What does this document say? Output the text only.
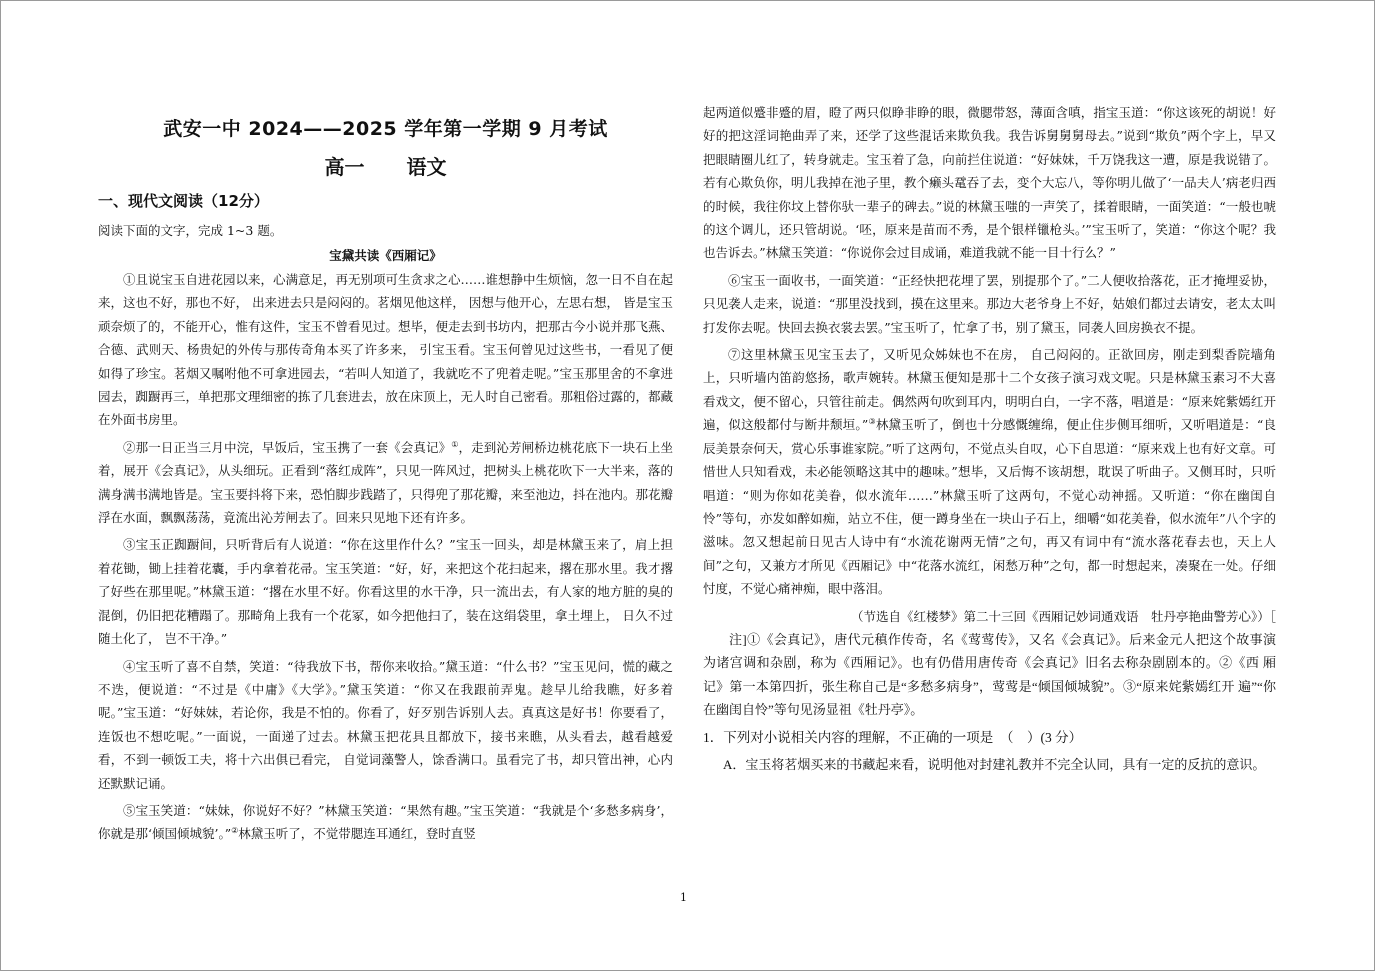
武安一中 2024——2025 学年第一学期 9 月考试
高一 语文
一、现代文阅读（12分）
阅读下面的文字，完成 1~3 题。
宝黛共读《西厢记》

①且说宝玉自进花园以来，心满意足，再无别项可生贪求之心……谁想静中生烦恼，忽一日不自在起来，这也不好，那也不好， 出来进去只是闷闷的。茗烟见他这样， 因想与他开心，左思右想， 皆是宝玉顽奈烦了的，不能开心，惟有这件，宝玉不曾看见过。想毕，便走去到书坊内，把那古今小说并那飞燕、合德、武则天、杨贵妃的外传与那传奇角本买了许多来， 引宝玉看。宝玉何曾见过这些书，一看见了便如得了珍宝。茗烟又嘱咐他不可拿进园去，“若叫人知道了，我就吃不了兜着走呢。”宝玉那里舍的不拿进园去，踟蹰再三，单把那文理细密的拣了几套进去，放在床顶上，无人时自己密看。那粗俗过露的，都藏在外面书房里。

②那一日正当三月中浣，早饭后，宝玉携了一套《会真记》①，走到沁芳闸桥边桃花底下一块石上坐着，展开《会真记》，从头细玩。正看到“落红成阵”，只见一阵风过，把树头上桃花吹下一大半来，落的满身满书满地皆是。宝玉要抖将下来，恐怕脚步践踏了，只得兜了那花瓣，来至池边，抖在池内。那花瓣浮在水面，飘飘荡荡，竟流出沁芳闸去了。回来只见地下还有许多。

③宝玉正踟蹰间，只听背后有人说道：“你在这里作什么？”宝玉一回头，却是林黛玉来了，肩上担着花锄，锄上挂着花囊，手内拿着花帚。宝玉笑道：“好，好，来把这个花扫起来，撂在那水里。我才撂了好些在那里呢。”林黛玉道：“撂在水里不好。你看这里的水干净，只一流出去，有人家的地方脏的臭的混倒，仍旧把花糟蹋了。那畸角上我有一个花冢，如今把他扫了，装在这绢袋里，拿土埋上， 日久不过随土化了， 岂不干净。”

④宝玉听了喜不自禁，笑道：“待我放下书，帮你来收拾。”黛玉道：“什么书？”宝玉见问，慌的藏之不迭，便说道：“不过是《中庸》《大学》。”黛玉笑道：“你又在我跟前弄鬼。趁早儿给我瞧，好多着呢。”宝玉道：“好妹妹，若论你，我是不怕的。你看了，好歹别告诉别人去。真真这是好书！你要看了，连饭也不想吃呢。”一面说，一面递了过去。林黛玉把花具且都放下，接书来瞧，从头看去，越看越爱看，不到一顿饭工夫，将十六出俱已看完， 自觉词藻警人，馀香满口。虽看完了书，却只管出神，心内还默默记诵。

⑤宝玉笑道：“妹妹，你说好不好？”林黛玉笑道：“果然有趣。”宝玉笑道：“我就是个‘多愁多病身’，你就是那‘倾国倾城貌’。”②林黛玉听了，不觉带腮连耳通红，登时直竖

起两道似蹙非蹙的眉，瞪了两只似睁非睁的眼，微腮带怒，薄面含嗔，指宝玉道：“你这该死的胡说！好好的把这淫词艳曲弄了来，还学了这些混话来欺负我。我告诉舅舅舅母去。”说到“欺负”两个字上，早又把眼睛圈儿红了，转身就走。宝玉着了急，向前拦住说道：“好妹妹，千万饶我这一遭，原是我说错了。若有心欺负你，明儿我掉在池子里，教个癞头鼋吞了去，变个大忘八，等你明儿做了‘一品夫人’病老归西的时候，我往你坟上替你驮一辈子的碑去。”说的林黛玉嗤的一声笑了，揉着眼睛，一面笑道：“一般也唬的这个调儿，还只管胡说。‘呸，原来是苗而不秀，是个银样镴枪头。’”宝玉听了，笑道：“你这个呢？我也告诉去。”林黛玉笑道：“你说你会过目成诵，难道我就不能一目十行么？”

⑥宝玉一面收书，一面笑道：“正经快把花埋了罢，别提那个了。”二人便收拾落花，正才掩埋妥协，只见袭人走来，说道：“那里没找到，摸在这里来。那边大老爷身上不好，姑娘们都过去请安，老太太叫打发你去呢。快回去换衣裳去罢。”宝玉听了，忙拿了书，别了黛玉，同袭人回房换衣不提。

⑦这里林黛玉见宝玉去了，又听见众姊妹也不在房， 自己闷闷的。正欲回房，刚走到梨香院墙角上，只听墙内笛韵悠扬，歌声婉转。林黛玉便知是那十二个女孩子演习戏文呢。只是林黛玉素习不大喜看戏文，便不留心，只管往前走。偶然两句吹到耳内，明明白白，一字不落，唱道是：“原来姹紫嫣红开遍，似这般都付与断井颓垣。”③林黛玉听了，倒也十分感慨缠绵，便止住步侧耳细听，又听唱道是：“良辰美景奈何天，赏心乐事谁家院。”听了这两句，不觉点头自叹，心下自思道：“原来戏上也有好文章。可惜世人只知看戏，未必能领略这其中的趣味。”想毕，又后悔不该胡想，耽误了听曲子。又侧耳时，只听唱道：“则为你如花美眷，似水流年……”林黛玉听了这两句，不觉心动神摇。又听道：“你在幽闺自怜”等句，亦发如醉如痴，站立不住，便一蹲身坐在一块山子石上，细嚼“如花美眷，似水流年”八个字的滋味。忽又想起前日见古人诗中有“水流花谢两无情”之句，再又有词中有“流水落花春去也，天上人间”之句，又兼方才所见《西厢记》中“花落水流红，闲愁万种”之句，都一时想起来，凑聚在一处。仔细忖度，不觉心痛神痴，眼中落泪。

（节选自《红楼梦》第二十三回《西厢记妙词通戏语　牡丹亭艳曲警芳心》）［

注]①《会真记》，唐代元稹作传奇，名《莺莺传》，又名《会真记》。后来金元人把这个故事演 为诸宫调和杂剧，称为《西厢记》。也有仍借用唐传奇《会真记》旧名去称杂剧剧本的。②《西 厢记》第一本第四折，张生称自己是“多愁多病身”，莺莺是“倾国倾城貌”。③“原来姹紫嫣红开 遍”“你在幽闺自怜”等句见汤显祖《牡丹亭》。

1．下列对小说相关内容的理解，不正确的一项是　（　）(3 分）
A．宝玉将茗烟买来的书藏起来看，说明他对封建礼教并不完全认同，具有一定的反抗的意识。
1
